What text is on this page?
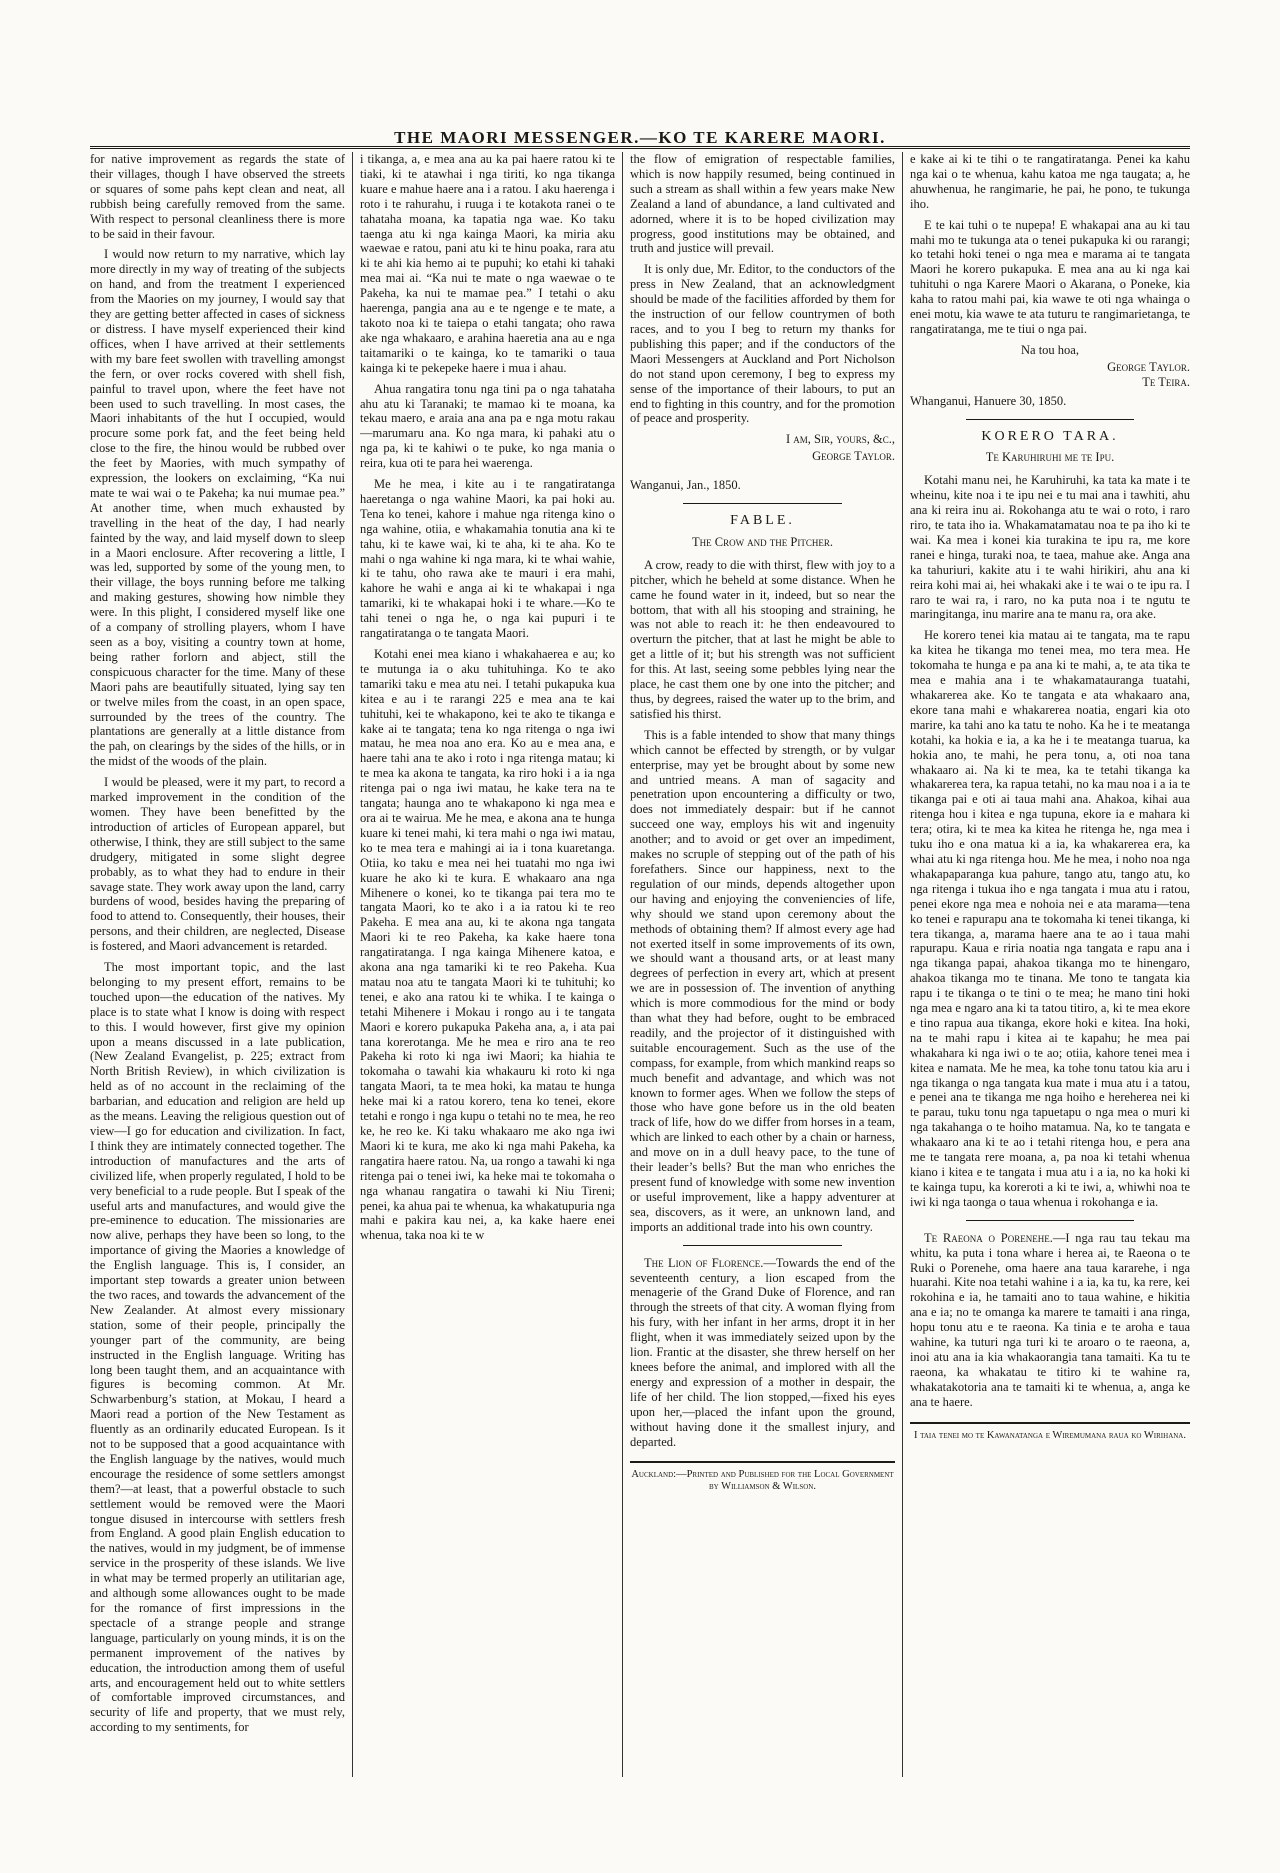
THE MAORI MESSENGER.—KO TE KARERE MAORI.

for native improvement as regards the state of their villages, though I have observed the streets or squares of some pahs kept clean and neat, all rubbish being carefully removed from the same. With respect to personal cleanliness there is more to be said in their favour.

I would now return to my narrative, which lay more directly in my way of treating of the subjects on hand, and from the treatment I experienced from the Maories on my journey, I would say that they are getting better affected in cases of sickness or distress. I have myself experienced their kind offices, when I have arrived at their settlements with my bare feet swollen with travelling amongst the fern, or over rocks covered with shell fish, painful to travel upon, where the feet have not been used to such travelling. In most cases, the Maori inhabitants of the hut I occupied, would procure some pork fat, and the feet being held close to the fire, the hinou would be rubbed over the feet by Maories, with much sympathy of expression, the lookers on exclaiming, “Ka nui mate te wai wai o te Pakeha; ka nui mumae pea.” At another time, when much exhausted by travelling in the heat of the day, I had nearly fainted by the way, and laid myself down to sleep in a Maori enclosure. After recovering a little, I was led, supported by some of the young men, to their village, the boys running before me talking and making gestures, showing how nimble they were. In this plight, I considered myself like one of a company of strolling players, whom I have seen as a boy, visiting a country town at home, being rather forlorn and abject, still the conspicuous character for the time. Many of these Maori pahs are beautifully situated, lying say ten or twelve miles from the coast, in an open space, surrounded by the trees of the country. The plantations are generally at a little distance from the pah, on clearings by the sides of the hills, or in the midst of the woods of the plain.

I would be pleased, were it my part, to record a marked improvement in the condition of the women. They have been benefitted by the introduction of articles of European apparel, but otherwise, I think, they are still subject to the same drudgery, mitigated in some slight degree probably, as to what they had to endure in their savage state. They work away upon the land, carry burdens of wood, besides having the preparing of food to attend to. Consequently, their houses, their persons, and their children, are neglected, Disease is fostered, and Maori advancement is retarded.

The most important topic, and the last belonging to my present effort, remains to be touched upon—the education of the natives. My place is to state what I know is doing with respect to this. I would however, first give my opinion upon a means discussed in a late publication, (New Zealand Evangelist, p. 225; extract from North British Review), in which civilization is held as of no account in the reclaiming of the barbarian, and education and religion are held up as the means. Leaving the religious question out of view—I go for education and civilization. In fact, I think they are intimately connected together. The introduction of manufactures and the arts of civilized life, when properly regulated, I hold to be very beneficial to a rude people. But I speak of the useful arts and manufactures, and would give the pre-eminence to education. The missionaries are now alive, perhaps they have been so long, to the importance of giving the Maories a knowledge of the English language. This is, I consider, an important step towards a greater union between the two races, and towards the advancement of the New Zealander. At almost every missionary station, some of their people, principally the younger part of the community, are being instructed in the English language. Writing has long been taught them, and an acquaintance with figures is becoming common. At Mr. Schwarbenburg’s station, at Mokau, I heard a Maori read a portion of the New Testament as fluently as an ordinarily educated European. Is it not to be supposed that a good acquaintance with the English language by the natives, would much encourage the residence of some settlers amongst them?—at least, that a powerful obstacle to such settlement would be removed were the Maori tongue disused in intercourse with settlers fresh from England. A good plain English education to the natives, would in my judgment, be of immense service in the prosperity of these islands. We live in what may be termed properly an utilitarian age, and although some allowances ought to be made for the romance of first impressions in the spectacle of a strange people and strange language, particularly on young minds, it is on the permanent improvement of the natives by education, the introduction among them of useful arts, and encouragement held out to white settlers of comfortable improved circumstances, and security of life and property, that we must rely, according to my sentiments, for

i tikanga, a, e mea ana au ka pai haere ratou ki te tiaki, ki te atawhai i nga tiriti, ko nga tikanga kuare e mahue haere ana i a ratou. I aku haerenga i roto i te rahurahu, i ruuga i te kotakota ranei o te tahataha moana, ka tapatia nga wae. Ko taku taenga atu ki nga kainga Maori, ka miria aku waewae e ratou, pani atu ki te hinu poaka, rara atu ki te ahi kia hemo ai te pupuhi; ko etahi ki tahaki mea mai ai. “Ka nui te mate o nga waewae o te Pakeha, ka nui te mamae pea.” I tetahi o aku haerenga, pangia ana au e te ngenge e te mate, a takoto noa ki te taiepa o etahi tangata; oho rawa ake nga whakaaro, e arahina haeretia ana au e nga taitamariki o te kainga, ko te tamariki o taua kainga ki te pekepeke haere i mua i ahau.

Ahua rangatira tonu nga tini pa o nga tahataha ahu atu ki Taranaki; te mamao ki te moana, ka tekau maero, e araia ana ana pa e nga motu rakau—marumaru ana. Ko nga mara, ki pahaki atu o nga pa, ki te kahiwi o te puke, ko nga mania o reira, kua oti te para hei waerenga.

Me he mea, i kite au i te rangatiratanga haeretanga o nga wahine Maori, ka pai hoki au. Tena ko tenei, kahore i mahue nga ritenga kino o nga wahine, otiia, e whakamahia tonutia ana ki te tahu, ki te kawe wai, ki te aha, ki te aha. Ko te mahi o nga wahine ki nga mara, ki te whai wahie, ki te tahu, oho rawa ake te mauri i era mahi, kahore he wahi e anga ai ki te whakapai i nga tamariki, ki te whakapai hoki i te whare.—Ko te tahi tenei o nga he, o nga kai pupuri i te rangatiratanga o te tangata Maori.

Kotahi enei mea kiano i whakahaerea e au; ko te mutunga ia o aku tuhituhinga. Ko te ako tamariki taku e mea atu nei. I tetahi pukapuka kua kitea e au i te rarangi 225 e mea ana te kai tuhituhi, kei te whakapono, kei te ako te tikanga e kake ai te tangata; tena ko nga ritenga o nga iwi matau, he mea noa ano era. Ko au e mea ana, e haere tahi ana te ako i roto i nga ritenga matau; ki te mea ka akona te tangata, ka riro hoki i a ia nga ritenga pai o nga iwi matau, he kake tera na te tangata; haunga ano te whakapono ki nga mea e ora ai te wairua. Me he mea, e akona ana te hunga kuare ki tenei mahi, ki tera mahi o nga iwi matau, ko te mea tera e mahingi ai ia i tona kuaretanga. Otiia, ko taku e mea nei hei tuatahi mo nga iwi kuare he ako ki te kura. E whakaaro ana nga Mihenere o konei, ko te tikanga pai tera mo te tangata Maori, ko te ako i a ia ratou ki te reo Pakeha. E mea ana au, ki te akona nga tangata Maori ki te reo Pakeha, ka kake haere tona rangatiratanga. I nga kainga Mihenere katoa, e akona ana nga tamariki ki te reo Pakeha. Kua matau noa atu te tangata Maori ki te tuhituhi; ko tenei, e ako ana ratou ki te whika. I te kainga o tetahi Mihenere i Mokau i rongo au i te tangata Maori e korero pukapuka Pakeha ana, a, i ata pai tana korerotanga. Me he mea e riro ana te reo Pakeha ki roto ki nga iwi Maori; ka hiahia te tokomaha o tawahi kia whakauru ki roto ki nga tangata Maori, ta te mea hoki, ka matau te hunga heke mai ki a ratou korero, tena ko tenei, ekore tetahi e rongo i nga kupu o tetahi no te mea, he reo ke, he reo ke. Ki taku whakaaro me ako nga iwi Maori ki te kura, me ako ki nga mahi Pakeha, ka rangatira haere ratou. Na, ua rongo a tawahi ki nga ritenga pai o tenei iwi, ka heke mai te tokomaha o nga whanau rangatira o tawahi ki Niu Tireni; penei, ka ahua pai te whenua, ka whakatupuria nga mahi e pakira kau nei, a, ka kake haere enei whenua, taka noa ki te w

the flow of emigration of respectable families, which is now happily resumed, being continued in such a stream as shall within a few years make New Zealand a land of abundance, a land cultivated and adorned, where it is to be hoped civilization may progress, good institutions may be obtained, and truth and justice will prevail.

It is only due, Mr. Editor, to the conductors of the press in New Zealand, that an acknowledgment should be made of the facilities afforded by them for the instruction of our fellow countrymen of both races, and to you I beg to return my thanks for publishing this paper; and if the conductors of the Maori Messengers at Auckland and Port Nicholson do not stand upon ceremony, I beg to express my sense of the importance of their labours, to put an end to fighting in this country, and for the promotion of peace and prosperity.

I am, Sir, yours, &c.,
George Taylor.
Wanganui, Jan., 1850.
FABLE.
The Crow and the Pitcher.

A crow, ready to die with thirst, flew with joy to a pitcher, which he beheld at some distance. When he came he found water in it, indeed, but so near the bottom, that with all his stooping and straining, he was not able to reach it: he then endeavoured to overturn the pitcher, that at last he might be able to get a little of it; but his strength was not sufficient for this. At last, seeing some pebbles lying near the place, he cast them one by one into the pitcher; and thus, by degrees, raised the water up to the brim, and satisfied his thirst.

This is a fable intended to show that many things which cannot be effected by strength, or by vulgar enterprise, may yet be brought about by some new and untried means. A man of sagacity and penetration upon encountering a difficulty or two, does not immediately despair: but if he cannot succeed one way, employs his wit and ingenuity another; and to avoid or get over an impediment, makes no scruple of stepping out of the path of his forefathers. Since our happiness, next to the regulation of our minds, depends altogether upon our having and enjoying the conveniencies of life, why should we stand upon ceremony about the methods of obtaining them? If almost every age had not exerted itself in some improvements of its own, we should want a thousand arts, or at least many degrees of perfection in every art, which at present we are in possession of. The invention of anything which is more commodious for the mind or body than what they had before, ought to be embraced readily, and the projector of it distinguished with suitable encouragement. Such as the use of the compass, for example, from which mankind reaps so much benefit and advantage, and which was not known to former ages. When we follow the steps of those who have gone before us in the old beaten track of life, how do we differ from horses in a team, which are linked to each other by a chain or harness, and move on in a dull heavy pace, to the tune of their leader’s bells? But the man who enriches the present fund of knowledge with some new invention or useful improvement, like a happy adventurer at sea, discovers, as it were, an unknown land, and imports an additional trade into his own country.

The Lion of Florence.—Towards the end of the seventeenth century, a lion escaped from the menagerie of the Grand Duke of Florence, and ran through the streets of that city. A woman flying from his fury, with her infant in her arms, dropt it in her flight, when it was immediately seized upon by the lion. Frantic at the disaster, she threw herself on her knees before the animal, and implored with all the energy and expression of a mother in despair, the life of her child. The lion stopped,—fixed his eyes upon her,—placed the infant upon the ground, without having done it the smallest injury, and departed.

Auckland:—Printed and Published for the Local Government by Williamson & Wilson.

e kake ai ki te tihi o te rangatiratanga. Penei ka kahu nga kai o te whenua, kahu katoa me nga taugata; a, he ahuwhenua, he rangimarie, he pai, he pono, te tukunga iho.

E te kai tuhi o te nupepa! E whakapai ana au ki tau mahi mo te tukunga ata o tenei pukapuka ki ou rarangi; ko tetahi hoki tenei o nga mea e marama ai te tangata Maori he korero pukapuka. E mea ana au ki nga kai tuhituhi o nga Karere Maori o Akarana, o Poneke, kia kaha to ratou mahi pai, kia wawe te oti nga whainga o enei motu, kia wawe te ata tuturu te rangimarietanga, te rangatiratanga, me te tiui o nga pai.

Na tou hoa,
George Taylor.
Te Teira.
Whanganui, Hanuere 30, 1850.
KORERO TARA.
Te Karuhiruhi me te Ipu.

Kotahi manu nei, he Karuhiruhi, ka tata ka mate i te wheinu, kite noa i te ipu nei e tu mai ana i tawhiti, ahu ana ki reira inu ai. Rokohanga atu te wai o roto, i raro riro, te tata iho ia. Whakamatamatau noa te pa iho ki te wai. Ka mea i konei kia turakina te ipu ra, me kore ranei e hinga, turaki noa, te taea, mahue ake. Anga ana ka tahuriuri, kakite atu i te wahi hirikiri, ahu ana ki reira kohi mai ai, hei whakaki ake i te wai o te ipu ra. I raro te wai ra, i raro, no ka puta noa i te ngutu te maringitanga, inu marire ana te manu ra, ora ake.

He korero tenei kia matau ai te tangata, ma te rapu ka kitea he tikanga mo tenei mea, mo tera mea. He tokomaha te hunga e pa ana ki te mahi, a, te ata tika te mea e mahia ana i te whakamatauranga tuatahi, whakarerea ake. Ko te tangata e ata whakaaro ana, ekore tana mahi e whakarerea noatia, engari kia oto marire, ka tahi ano ka tatu te noho. Ka he i te meatanga kotahi, ka hokia e ia, a ka he i te meatanga tuarua, ka hokia ano, te mahi, he pera tonu, a, oti noa tana whakaaro ai. Na ki te mea, ka te tetahi tikanga ka whakarerea tera, ka rapua tetahi, no ka mau noa i a ia te tikanga pai e oti ai taua mahi ana. Ahakoa, kihai aua ritenga hou i kitea e nga tupuna, ekore ia e mahara ki tera; otira, ki te mea ka kitea he ritenga he, nga mea i tuku iho e ona matua ki a ia, ka whakarerea era, ka whai atu ki nga ritenga hou. Me he mea, i noho noa nga whakapaparanga kua pahure, tango atu, tango atu, ko nga ritenga i tukua iho e nga tangata i mua atu i ratou, penei ekore nga mea e nohoia nei e ata marama—tena ko tenei e rapurapu ana te tokomaha ki tenei tikanga, ki tera tikanga, a, marama haere ana te ao i taua mahi rapurapu. Kaua e riria noatia nga tangata e rapu ana i nga tikanga papai, ahakoa tikanga mo te hinengaro, ahakoa tikanga mo te tinana. Me tono te tangata kia rapu i te tikanga o te tini o te mea; he mano tini hoki nga mea e ngaro ana ki ta tatou titiro, a, ki te mea ekore e tino rapua aua tikanga, ekore hoki e kitea. Ina hoki, na te mahi rapu i kitea ai te kapahu; he mea pai whakahara ki nga iwi o te ao; otiia, kahore tenei mea i kitea e namata. Me he mea, ka tohe tonu tatou kia aru i nga tikanga o nga tangata kua mate i mua atu i a tatou, e penei ana te tikanga me nga hoiho e hereherea nei ki te parau, tuku tonu nga tapuetapu o nga mea o muri ki nga takahanga o te hoiho matamua. Na, ko te tangata e whakaaro ana ki te ao i tetahi ritenga hou, e pera ana me te tangata rere moana, a, pa noa ki tetahi whenua kiano i kitea e te tangata i mua atu i a ia, no ka hoki ki te kainga tupu, ka koreroti a ki te iwi, a, whiwhi noa te iwi ki nga taonga o taua whenua i rokohanga e ia.

Te Raeona o Porenehe.—I nga rau tau tekau ma whitu, ka puta i tona whare i herea ai, te Raeona o te Ruki o Porenehe, oma haere ana taua kararehe, i nga huarahi. Kite noa tetahi wahine i a ia, ka tu, ka rere, kei rokohina e ia, he tamaiti ano to taua wahine, e hikitia ana e ia; no te omanga ka marere te tamaiti i ana ringa, hopu tonu atu e te raeona. Ka tinia e te aroha e taua wahine, ka tuturi nga turi ki te aroaro o te raeona, a, inoi atu ana ia kia whakaorangia tana tamaiti. Ka tu te raeona, ka whakatau te titiro ki te wahine ra, whakatakotoria ana te tamaiti ki te whenua, a, anga ke ana te haere.

I taia tenei mo te Kawanatanga e Wiremumana raua ko Wirihana.
